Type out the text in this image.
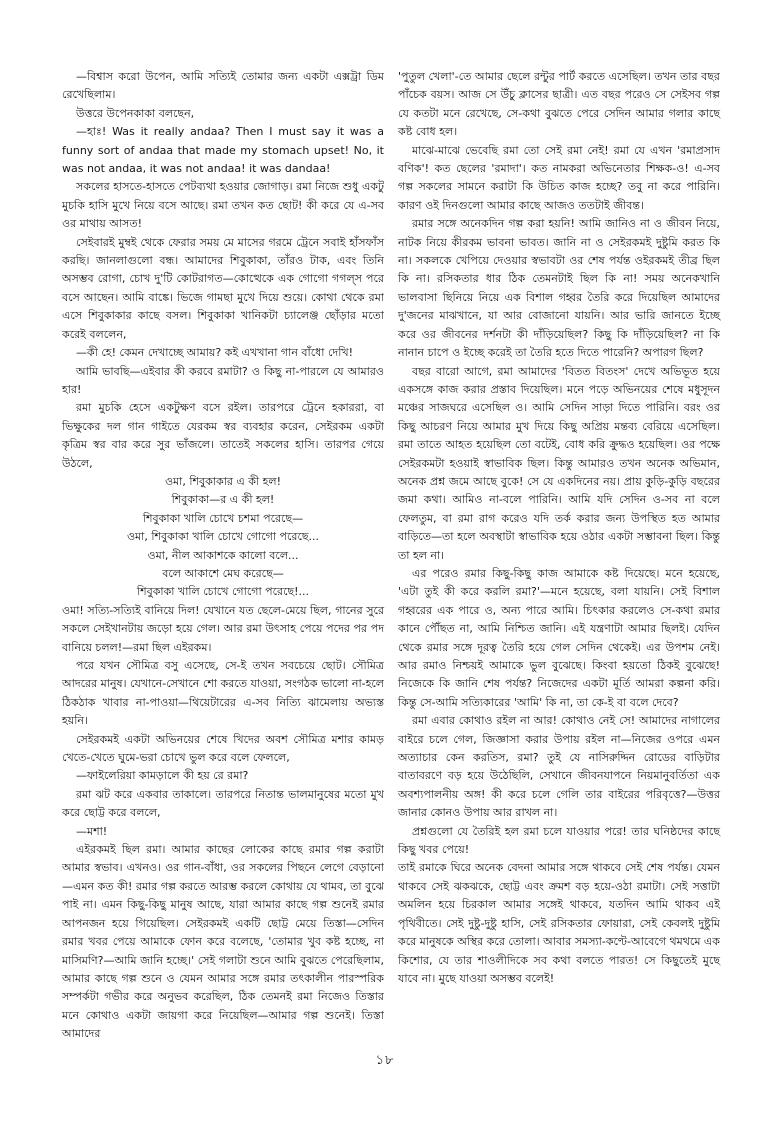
—বিশ্বাস করো উপেন, আমি সত্যিই তোমার জন্য একটা এক্সট্রা ডিম রেখেছিলাম।

উত্তরে উপেনকাকা বলছেন,

—হাঃ! Was it really andaa? Then I must say it was a funny sort of andaa that made my stomach upset! No, it was not andaa, it was not andaa! it was dandaa!

সকলের হাসতে-হাসতে পেটব্যথা হওয়ার জোগাড়। রমা নিজে শুধু একটু মুচকি হাসি মুখে নিয়ে বসে আছে। রমা তখন কত ছোট! কী করে যে এ-সব ওর মাথায় আসত!

সেইবারই মুম্বই থেকে ফেরার সময় মে মাসের গরমে ট্রেনে সবাই হাঁসফাঁস করছি। জানলাগুলো বন্ধ। আমাদের শিবুকাকা, তাঁরও টাক, এবং তিনি অসম্ভব রোগা, চোখ দু'টি কোটরাগত—কোত্থেকে এক গোগো গগল্‌স পরে বসে আছেন। আমি বাঙ্কে। ভিজে গামছা মুখে দিয়ে শুয়ে। কোথা থেকে রমা এসে শিবুকাকার কাছে বসল। শিবুকাকা খানিকটা চ্যালেঞ্জ ছোঁড়ার মতো করেই বললেন,

—কী হে! কেমন দেখাচ্ছে আমায়? কই এখখানা গান বাঁধো দেখি!

আমি ভাবছি—এইবার কী করবে রমাটা? ও কিছু না-পারলে যে আমারও হার!

রমা মুচকি হেসে একটুক্ষণ বসে রইল। তারপরে ট্রেনে হকাররা, বা ভিক্ষুকের দল গান গাইতে যেরকম স্বর ব্যবহার করেন, সেইরকম একটা কৃত্রিম স্বর বার করে সুর ভাঁজলে। তাতেই সকলের হাসি। তারপর গেয়ে উঠলে,

ওমা, শিবুকাকার এ কী হল!

শিবুকাকা—র এ কী হল!

শিবুকাকা খালি চোখে চশমা পরেছে—

ওমা, শিবুকাকা খালি চোখে গোগো পরেছে...

ওমা, নীল আকাশকে কালো বলে...

বলে আকাশে মেঘ করেছে—

শিবুকাকা খালি চোখে গোগো পরেছে!...

ওমা! সত্যি-সত্যিই বানিয়ে দিল! যেখানে যত ছেলে-মেয়ে ছিল, গানের সুরে সকলে সেইখানটায় জড়ো হয়ে গেল। আর রমা উৎসাহ পেয়ে পদের পর পদ বানিয়ে চলল!—রমা ছিল এইরকম।

পরে যখন সৌমিত্র বসু এসেছে, সে-ই তখন সবচেয়ে ছোট। সৌমিত্র আদরের মানুষ। যেখানে-সেখানে শো করতে যাওয়া, সংগঠক ভালো না-হলে ঠিকঠাক খাবার না-পাওয়া—থিয়েটারের এ-সব নিত্যি ঝামেলায় অভ্যস্ত হয়নি।

সেইরকমই একটা অভিনয়ের শেষে খিদের অবশ সৌমিত্র মশার কামড় খেতে-খেতে ঘুমে-ভরা চোখে ভুল করে বলে ফেললে,

—ফাইলেরিয়া কামড়ালে কী হয় রে রমা?

রমা ঝট করে একবার তাকালে। তারপরে নিতান্ত ভালমানুষের মতো মুখ করে ছোট্ট করে বললে,

—মশা!

এইরকমই ছিল রমা। আমার কাছের লোকের কাছে রমার গল্প করাটা আমার স্বভাব। এখনও। ওর গান-বাঁধা, ওর সকলের পিছনে লেগে বেড়ানো—এমন কত কী! রমার গল্প করতে আরম্ভ করলে কোথায় যে থামব, তা বুঝে পাই না। এমন কিছু-কিছু মানুষ আছে, যারা আমার কাছে গল্প শুনেই রমার আপনজন হয়ে গিয়েছিল। সেইরকমই একটি ছোট্ট মেয়ে তিস্তা—সেদিন রমার খবর পেয়ে আমাকে ফোন করে বলেছে, 'তোমার খুব কষ্ট হচ্ছে, না মাসিমণি?—আমি জানি হচ্ছে।' সেই গলাটা শুনে আমি বুঝতে পেরেছিলাম, আমার কাছে গল্প শুনে ও যেমন আমার সঙ্গে রমার তৎকালীন পারস্পরিক সম্পর্কটা গভীর করে অনুভব করেছিল, ঠিক তেমনই রমা নিজেও তিস্তার মনে কোথাও একটা জায়গা করে নিয়েছিল—আমার গল্প শুনেই। তিস্তা আমাদের

'পুতুল খেলা'-তে আমার ছেলে রন্টুর পার্ট করতে এসেছিল। তখন তার বছর পাঁচেক বয়স। আজ সে উঁচু ক্লাসের ছাত্রী। এত বছর পরেও সে সেইসব গল্প যে কতটা মনে রেখেছে, সে-কথা বুঝতে পেরে সেদিন আমার গলার কাছে কষ্ট বোধ হল।

মাঝে-মাঝে ভেবেছি রমা তো সেই রমা নেই! রমা যে এখন 'রমাপ্রসাদ বণিক'! কত ছেলের 'রমাদা'। কত নামকরা অভিনেতার শিক্ষক-ও! এ-সব গল্প সকলের সামনে করাটা কি উচিত কাজ হচ্ছে? তবু না করে পারিনি। কারণ ওই দিনগুলো আমার কাছে আজও ততটাই জীবন্ত।

রমার সঙ্গে অনেকদিন গল্প করা হয়নি! আমি জানিও না ও জীবন নিয়ে, নাটক নিয়ে কীরকম ভাবনা ভাবত। জানি না ও সেইরকমই দুষ্টুমি করত কি না। সকলকে খেপিয়ে দেওয়ার স্বভাবটা ওর শেষ পর্যন্ত ওইরকমই তীব্র ছিল কি না। রসিকতার ধার ঠিক তেমনটাই ছিল কি না! সময় অনেকখানি ভালবাসা ছিনিয়ে নিয়ে এক বিশাল গহ্বর তৈরি করে দিয়েছিল আমাদের দু'জনের মাঝখানে, যা আর বোজানো যায়নি। আর ভারি জানতে ইচ্ছে করে ওর জীবনের দর্শনটা কী দাঁড়িয়েছিল? কিছু কি দাঁড়িয়েছিল? না কি নানান চাপে ও ইচ্ছে করেই তা তৈরি হতে দিতে পারেনি? অপারগ ছিল?

বছর বারো আগে, রমা আমাদের 'বিতত বিতংস' দেখে অভিভূত হয়ে একসঙ্গে কাজ করার প্রস্তাব দিয়েছিল। মনে পড়ে অভিনয়ের শেষে মধুসূদন মঞ্চের সাজঘরে এসেছিল ও। আমি সেদিন সাড়া দিতে পারিনি। বরং ওর কিছু আচরণ নিয়ে আমার মুখ দিয়ে কিছু অপ্রিয় মন্তব্য বেরিয়ে এসেছিল। রমা তাতে আহত হয়েছিল তো বটেই, বোধ করি ক্রুদ্ধও হয়েছিল। ওর পক্ষে সেইরকমটা হওয়াই স্বাভাবিক ছিল। কিন্তু আমারও তখন অনেক অভিমান, অনেক প্রশ্ন জমে আছে বুকে! সে যে একদিনের নয়। প্রায় কুড়ি-কুড়ি বছরের জমা কথা। আমিও না-বলে পারিনি। আমি যদি সেদিন ও-সব না বলে ফেলতুম, বা রমা রাগ করেও যদি তর্ক করার জন্য উপস্থিত হত আমার বাড়িতে—তা হলে অবস্থাটা স্বাভাবিক হয়ে ওঠার একটা সম্ভাবনা ছিল। কিন্তু তা হল না।

এর পরেও রমার কিছু-কিছু কাজ আমাকে কষ্ট দিয়েছে। মনে হয়েছে, 'এটা তুই কী করে করলি রমা?'—মনে হয়েছে, বলা যায়নি। সেই বিশাল গহ্বরের এক পারে ও, অন্য পারে আমি। চিৎকার করলেও সে-কথা রমার কানে পৌঁছত না, আমি নিশ্চিত জানি। এই যন্ত্রণাটা আমার ছিলই। যেদিন থেকে রমার সঙ্গে দূরত্ব তৈরি হয়ে গেল সেদিন থেকেই। এর উপশম নেই। আর রমাও নিশ্চয়ই আমাকে ভুল বুঝেছে। কিংবা হয়তো ঠিকই বুঝেছে! নিজেকে কি জানি শেষ পর্যন্ত? নিজেদের একটা মূর্তি আমরা কল্পনা করি। কিন্তু সে-আমি সত্যিকারের 'আমি' কি না, তা কে-ই বা বলে দেবে?

রমা এবার কোথাও রইল না আর! কোথাও নেই সে! আমাদের নাগালের বাইরে চলে গেল, জিজ্ঞাসা করার উপায় রইল না—নিজের ওপরে এমন অত্যাচার কেন করতিস, রমা? তুই যে নাসিরুদ্দিন রোডের বাড়িটার বাতাবরণে বড় হয়ে উঠেছিলি, সেখানে জীবনযাপনে নিয়মানুবর্তিতা এক অবশ্যপালনীয় অঙ্গ! কী করে চলে গেলি তার বাইরের পরিবৃত্তে?—উত্তর জানার কোনও উপায় আর রাখল না।

প্রশ্নগুলো যে তৈরিই হল রমা চলে যাওয়ার পরে! তার ঘনিষ্ঠদের কাছে কিছু খবর পেয়ে!

তাই রমাকে ঘিরে অনেক বেদনা আমার সঙ্গে থাকবে সেই শেষ পর্যন্ত। যেমন থাকবে সেই ঝকঝকে, ছোট্ট এবং ক্রমশ বড় হয়ে-ওঠা রমাটা। সেই সত্তাটা অমলিন হয়ে চিরকাল আমার সঙ্গেই থাকবে, যতদিন আমি থাকব এই পৃথিবীতে। সেই দুষ্টু-দুষ্টু হাসি, সেই রসিকতার ফোয়ারা, সেই কেবলই দুষ্টুমি করে মানুষকে অস্থির করে তোলা। আবার সমস্যা-কণ্টে-আবেগে থমথমে এক কিশোর, যে তার শাওলীদিকে সব কথা বলতে পারত! সে কিছুতেই মুছে যাবে না। মুছে যাওয়া অসম্ভব বলেই!

১৮
